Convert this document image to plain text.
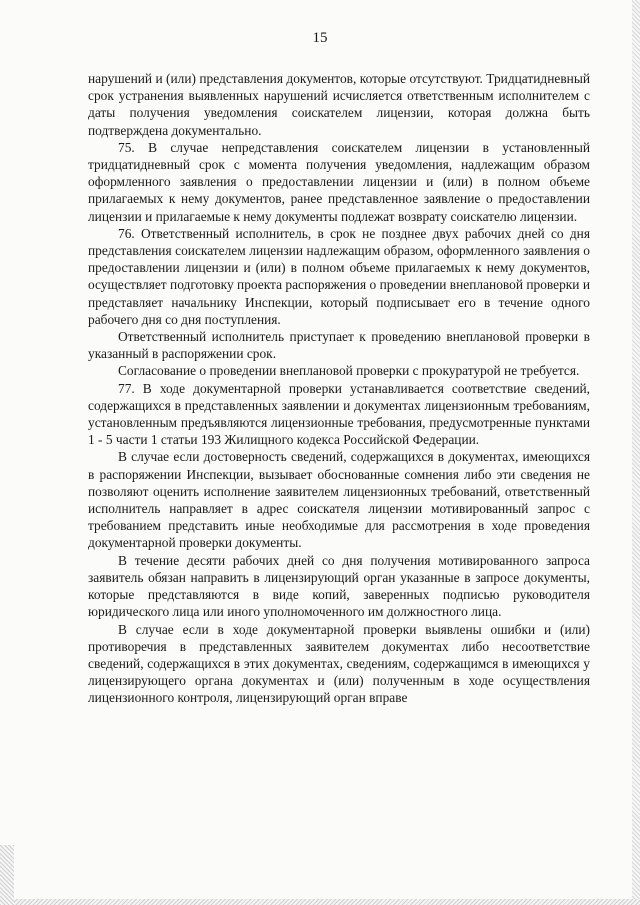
15

нарушений и (или) представления документов, которые отсутствуют. Тридцатидневный срок устранения выявленных нарушений исчисляется ответственным исполнителем с даты получения уведомления соискателем лицензии, которая должна быть подтверждена документально.

75. В случае непредставления соискателем лицензии в установленный тридцатидневный срок с момента получения уведомления, надлежащим образом оформленного заявления о предоставлении лицензии и (или) в полном объеме прилагаемых к нему документов, ранее представленное заявление о предоставлении лицензии и прилагаемые к нему документы подлежат возврату соискателю лицензии.

76. Ответственный исполнитель, в срок не позднее двух рабочих дней со дня представления соискателем лицензии надлежащим образом, оформленного заявления о предоставлении лицензии и (или) в полном объеме прилагаемых к нему документов, осуществляет подготовку проекта распоряжения о проведении внеплановой проверки и представляет начальнику Инспекции, который подписывает его в течение одного рабочего дня со дня поступления.

Ответственный исполнитель приступает к проведению внеплановой проверки в указанный в распоряжении срок.

Согласование о проведении внеплановой проверки с прокуратурой не требуется.

77. В ходе документарной проверки устанавливается соответствие сведений, содержащихся в представленных заявлении и документах лицензионным требованиям, установленным предъявляются лицензионные требования, предусмотренные пунктами 1 - 5 части 1 статьи 193 Жилищного кодекса Российской Федерации.

В случае если достоверность сведений, содержащихся в документах, имеющихся в распоряжении Инспекции, вызывает обоснованные сомнения либо эти сведения не позволяют оценить исполнение заявителем лицензионных требований, ответственный исполнитель направляет в адрес соискателя лицензии мотивированный запрос с требованием представить иные необходимые для рассмотрения в ходе проведения документарной проверки документы.

В течение десяти рабочих дней со дня получения мотивированного запроса заявитель обязан направить в лицензирующий орган указанные в запросе документы, которые представляются в виде копий, заверенных подписью руководителя юридического лица или иного уполномоченного им должностного лица.

В случае если в ходе документарной проверки выявлены ошибки и (или) противоречия в представленных заявителем документах либо несоответствие сведений, содержащихся в этих документах, сведениям, содержащимся в имеющихся у лицензирующего органа документах и (или) полученным в ходе осуществления лицензионного контроля, лицензирующий орган вправе
